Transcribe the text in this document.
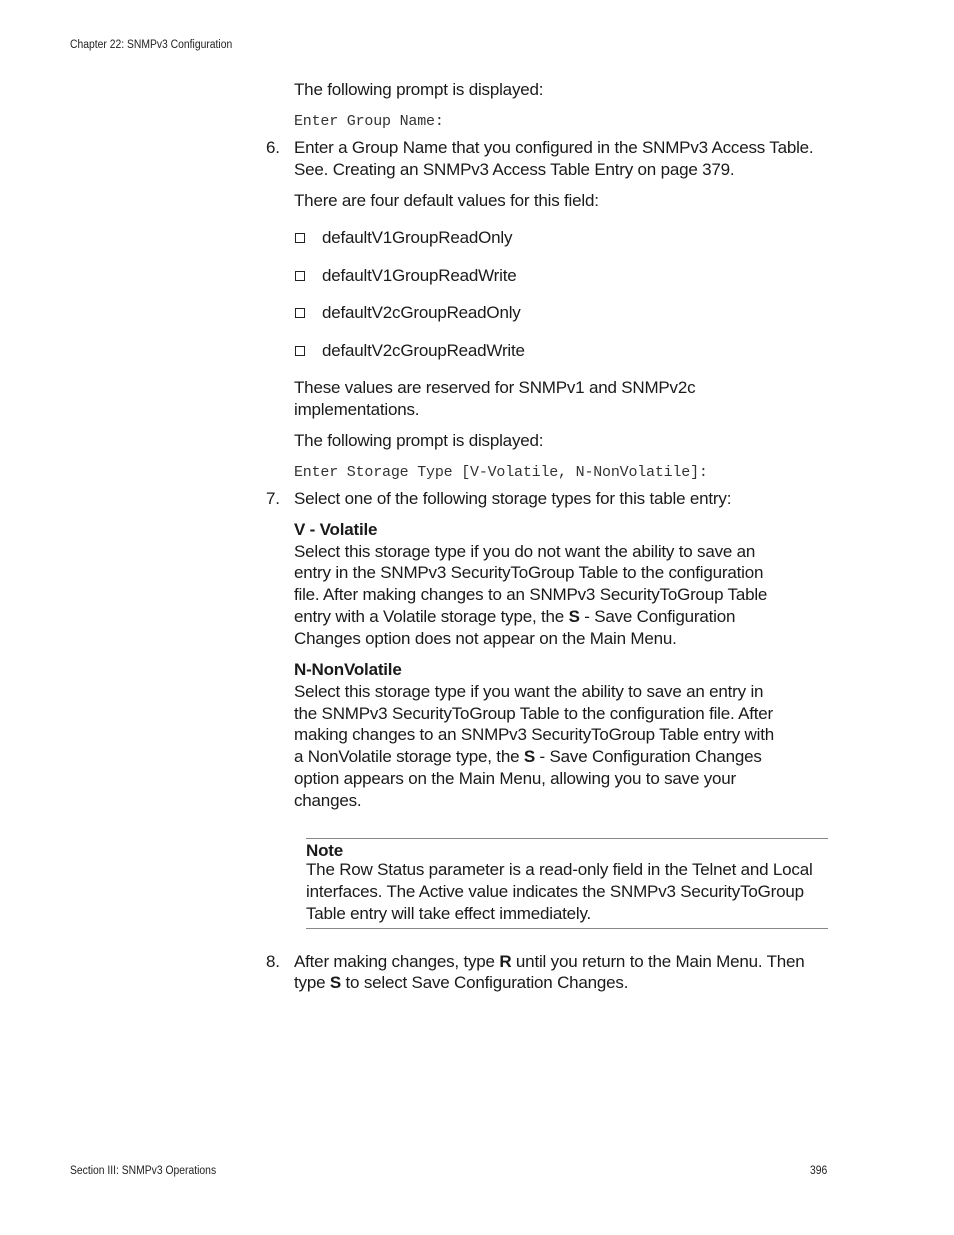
Chapter 22: SNMPv3 Configuration
The following prompt is displayed:
Enter Group Name:
6. Enter a Group Name that you configured in the SNMPv3 Access Table.
See. Creating an SNMPv3 Access Table Entry on page 379.
There are four default values for this field:
defaultV1GroupReadOnly
defaultV1GroupReadWrite
defaultV2cGroupReadOnly
defaultV2cGroupReadWrite
These values are reserved for SNMPv1 and SNMPv2c
implementations.
The following prompt is displayed:
Enter Storage Type [V-Volatile, N-NonVolatile]:
7. Select one of the following storage types for this table entry:
V - Volatile
Select this storage type if you do not want the ability to save an
entry in the SNMPv3 SecurityToGroup Table to the configuration
file. After making changes to an SNMPv3 SecurityToGroup Table
entry with a Volatile storage type, the S - Save Configuration
Changes option does not appear on the Main Menu.
N-NonVolatile
Select this storage type if you want the ability to save an entry in
the SNMPv3 SecurityToGroup Table to the configuration file. After
making changes to an SNMPv3 SecurityToGroup Table entry with
a NonVolatile storage type, the S - Save Configuration Changes
option appears on the Main Menu, allowing you to save your
changes.
Note
The Row Status parameter is a read-only field in the Telnet and Local
interfaces. The Active value indicates the SNMPv3 SecurityToGroup
Table entry will take effect immediately.
8. After making changes, type R until you return to the Main Menu. Then
type S to select Save Configuration Changes.
Section III: SNMPv3 Operations	396
